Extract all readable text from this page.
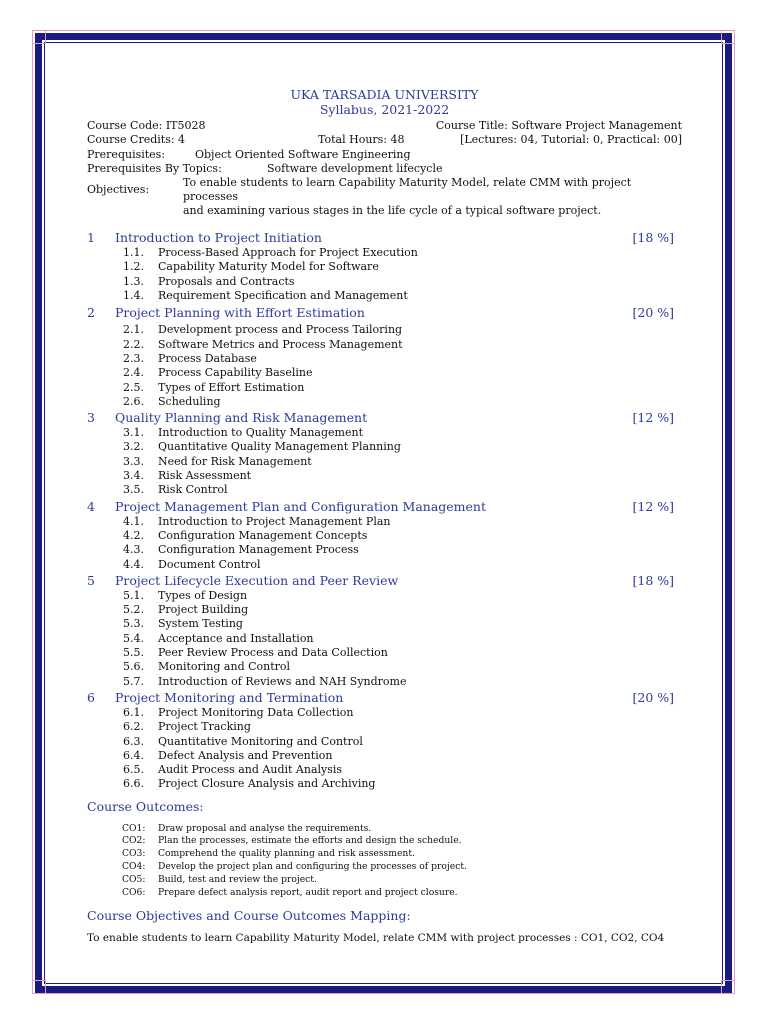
UKA TARSADIA UNIVERSITY
Syllabus, 2021-2022
Course Code: IT5028	Course Title: Software Project Management
Course Credits: 4	Total Hours: 48	[Lectures: 04, Tutorial: 0, Practical: 00]
Prerequisites:	Object Oriented Software Engineering
Prerequisites By Topics:	Software development lifecycle
Objectives:
To enable students to learn Capability Maturity Model, relate CMM with project processes
and examining various stages in the life cycle of a typical software project.
1 Introduction to Project Initiation	[18 %]
1.1. Process-Based Approach for Project Execution
1.2. Capability Maturity Model for Software
1.3. Proposals and Contracts
1.4. Requirement Specification and Management
2 Project Planning with Effort Estimation	[20 %]
2.1. Development process and Process Tailoring
2.2. Software Metrics and Process Management
2.3. Process Database
2.4. Process Capability Baseline
2.5. Types of Effort Estimation
2.6. Scheduling
3 Quality Planning and Risk Management	[12 %]
3.1. Introduction to Quality Management
3.2. Quantitative Quality Management Planning
3.3. Need for Risk Management
3.4. Risk Assessment
3.5. Risk Control
4 Project Management Plan and Configuration Management	[12 %]
4.1. Introduction to Project Management Plan
4.2. Configuration Management Concepts
4.3. Configuration Management Process
4.4. Document Control
5 Project Lifecycle Execution and Peer Review	[18 %]
5.1. Types of Design
5.2. Project Building
5.3. System Testing
5.4. Acceptance and Installation
5.5. Peer Review Process and Data Collection
5.6. Monitoring and Control
5.7. Introduction of Reviews and NAH Syndrome
6 Project Monitoring and Termination	[20 %]
6.1. Project Monitoring Data Collection
6.2. Project Tracking
6.3. Quantitative Monitoring and Control
6.4. Defect Analysis and Prevention
6.5. Audit Process and Audit Analysis
6.6. Project Closure Analysis and Archiving
Course Outcomes:
CO1: Draw proposal and analyse the requirements.
CO2: Plan the processes, estimate the efforts and design the schedule.
CO3: Comprehend the quality planning and risk assessment.
CO4: Develop the project plan and configuring the processes of project.
CO5: Build, test and review the project.
CO6: Prepare defect analysis report, audit report and project closure.
Course Objectives and Course Outcomes Mapping:
To enable students to learn Capability Maturity Model, relate CMM with project processes : CO1, CO2, CO4
